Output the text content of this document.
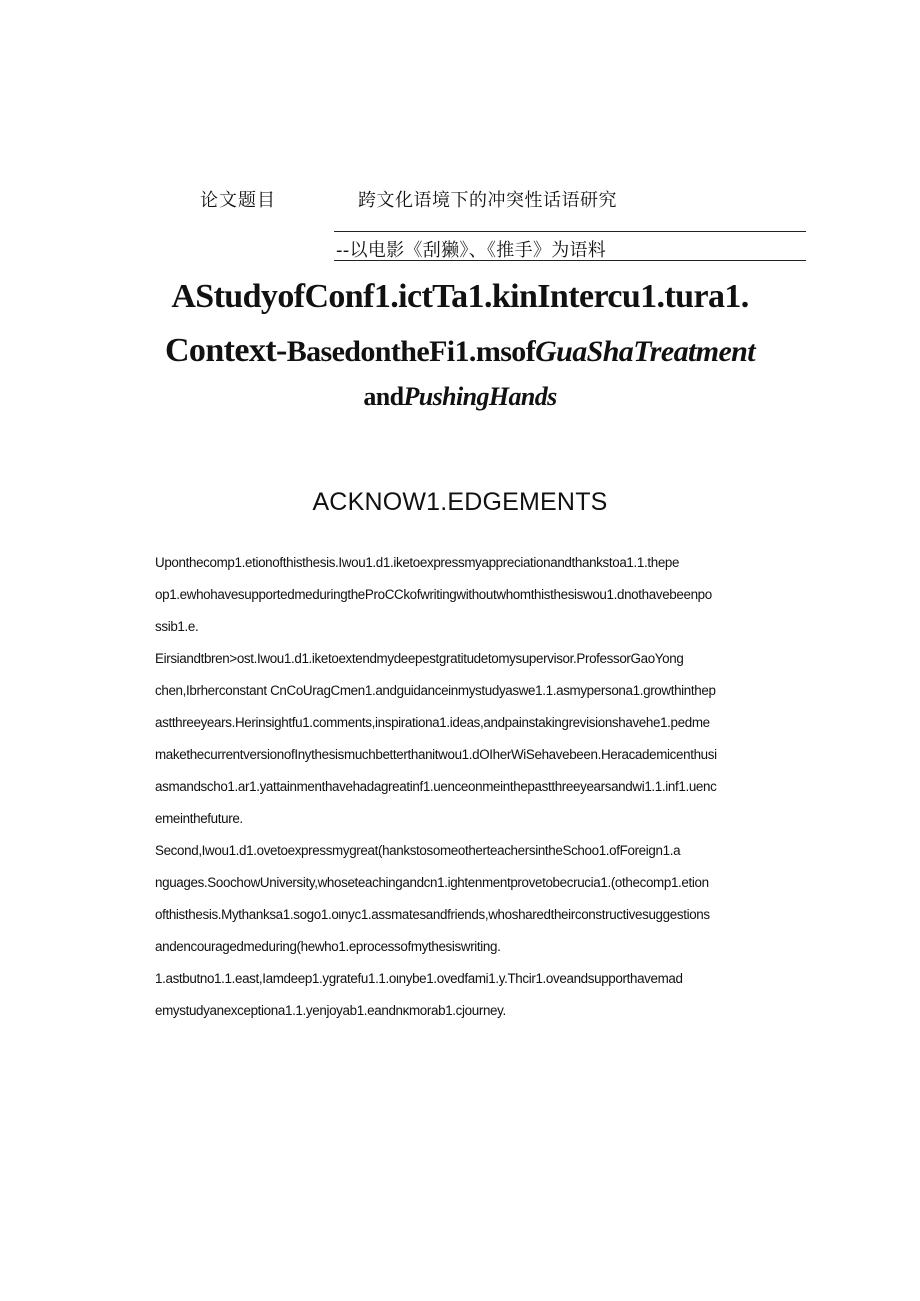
论文题目	跨文化语境下的冲突性话语研究
--以电影《刮獭》、《推手》为语料
AStudyofConf1.ictTa1.kinIntercu1.tura1.
Context-BasedontheFi1.msofGuaShaTreatment
andPushingHands
ACKNOW1.EDGEMENTS
Uponthecomp1.etionofthisthesis.Iwou1.d1.iketoexpressmyappreciationandthankstoa1.1.thepe
op1.ewhohavesupportedmeduringtheProCCkofwritingwithoutwhomthisthesiswou1.dnothavebeenpo
ssib1.e.
Eirsiandtbren>ost.Iwou1.d1.iketoextendmydeepestgratitudetomysupervisor.ProfessorGaoYong
chen,Ibrherconstant CnCoUragCmen1.andguidanceinmystudyaswe1.1.asmypersona1.growthinthep
astthreeyears.Herinsightfu1.comments,inspirationa1.ideas,andpainstakingrevisionshavehe1.pedme
makethecurrentversionofInythesismuchbetterthanitwou1.dOIherWiSehavebeen.Heracademicenthusi
asmandscho1.ar1.yattainmenthavehadagreatinf1.uenceonmeinthepastthreeyearsandwi1.1.inf1.uenc
emeinthefuture.
Second,Iwou1.d1.ovetoexpressmygreat(hankstosomeotherteachersintheSchoo1.ofForeign1.a
nguages.SoochowUniversity,whoseteachingandcn1.ightenmentprovetobecrucia1.(othecomp1.etion
ofthisthesis.Mythanksa1.sogo1.oιnyc1.assmatesandfriends,whosharedtheirconstructivesuggestions
andencouragedmeduring(hewho1.eprocessofmythesiswriting.
1.astbutno1.1.east,Iamdeep1.ygratefu1.1.oιnybe1.ovedfami1.y.Thcir1.oveandsupporthavemad
emystudyanexceptiona1.1.yenjoyab1.eandnκmorab1.cjourney.
